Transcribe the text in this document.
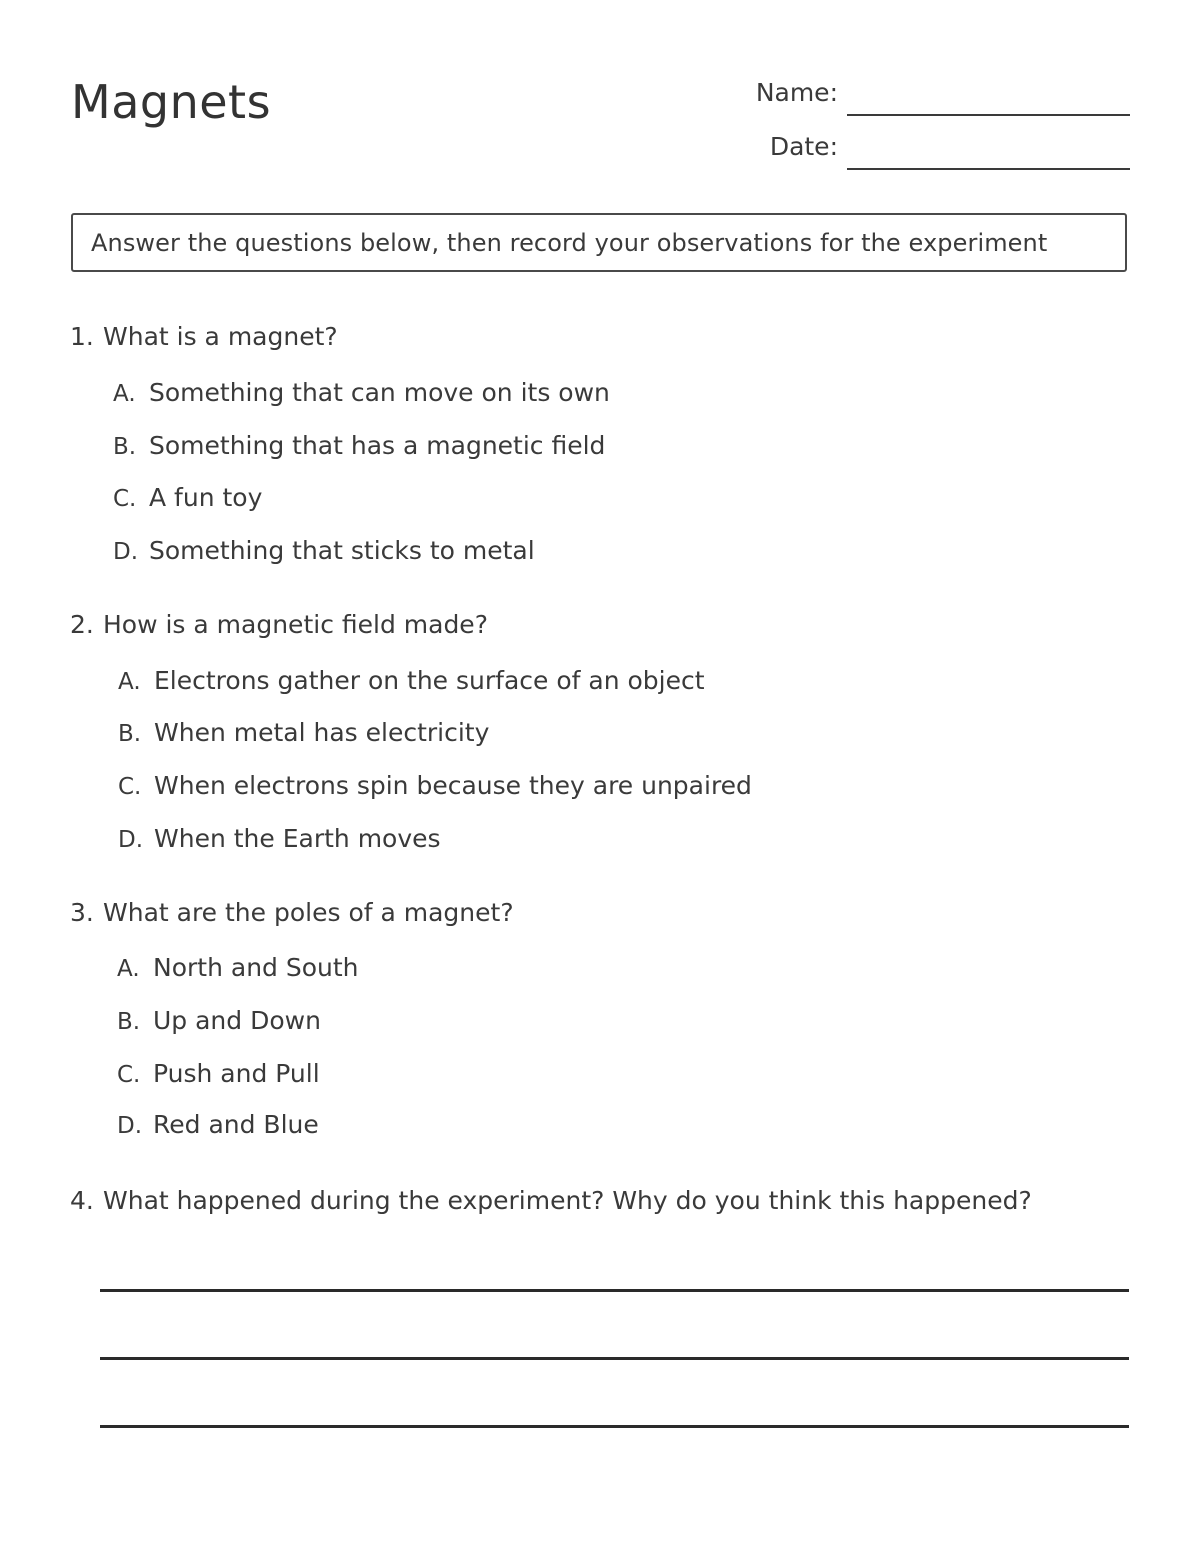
Magnets	Name:
Date:
Answer the questions below, then record your observations for the experiment
1. What is a magnet?
A. Something that can move on its own
B. Something that has a magnetic field
C. A fun toy
D. Something that sticks to metal
2. How is a magnetic field made?
A. Electrons gather on the surface of an object
B. When metal has electricity
C. When electrons spin because they are unpaired
D. When the Earth moves
3. What are the poles of a magnet?
A. North and South
B. Up and Down
C. Push and Pull
D. Red and Blue
4. What happened during the experiment? Why do you think this happened?
